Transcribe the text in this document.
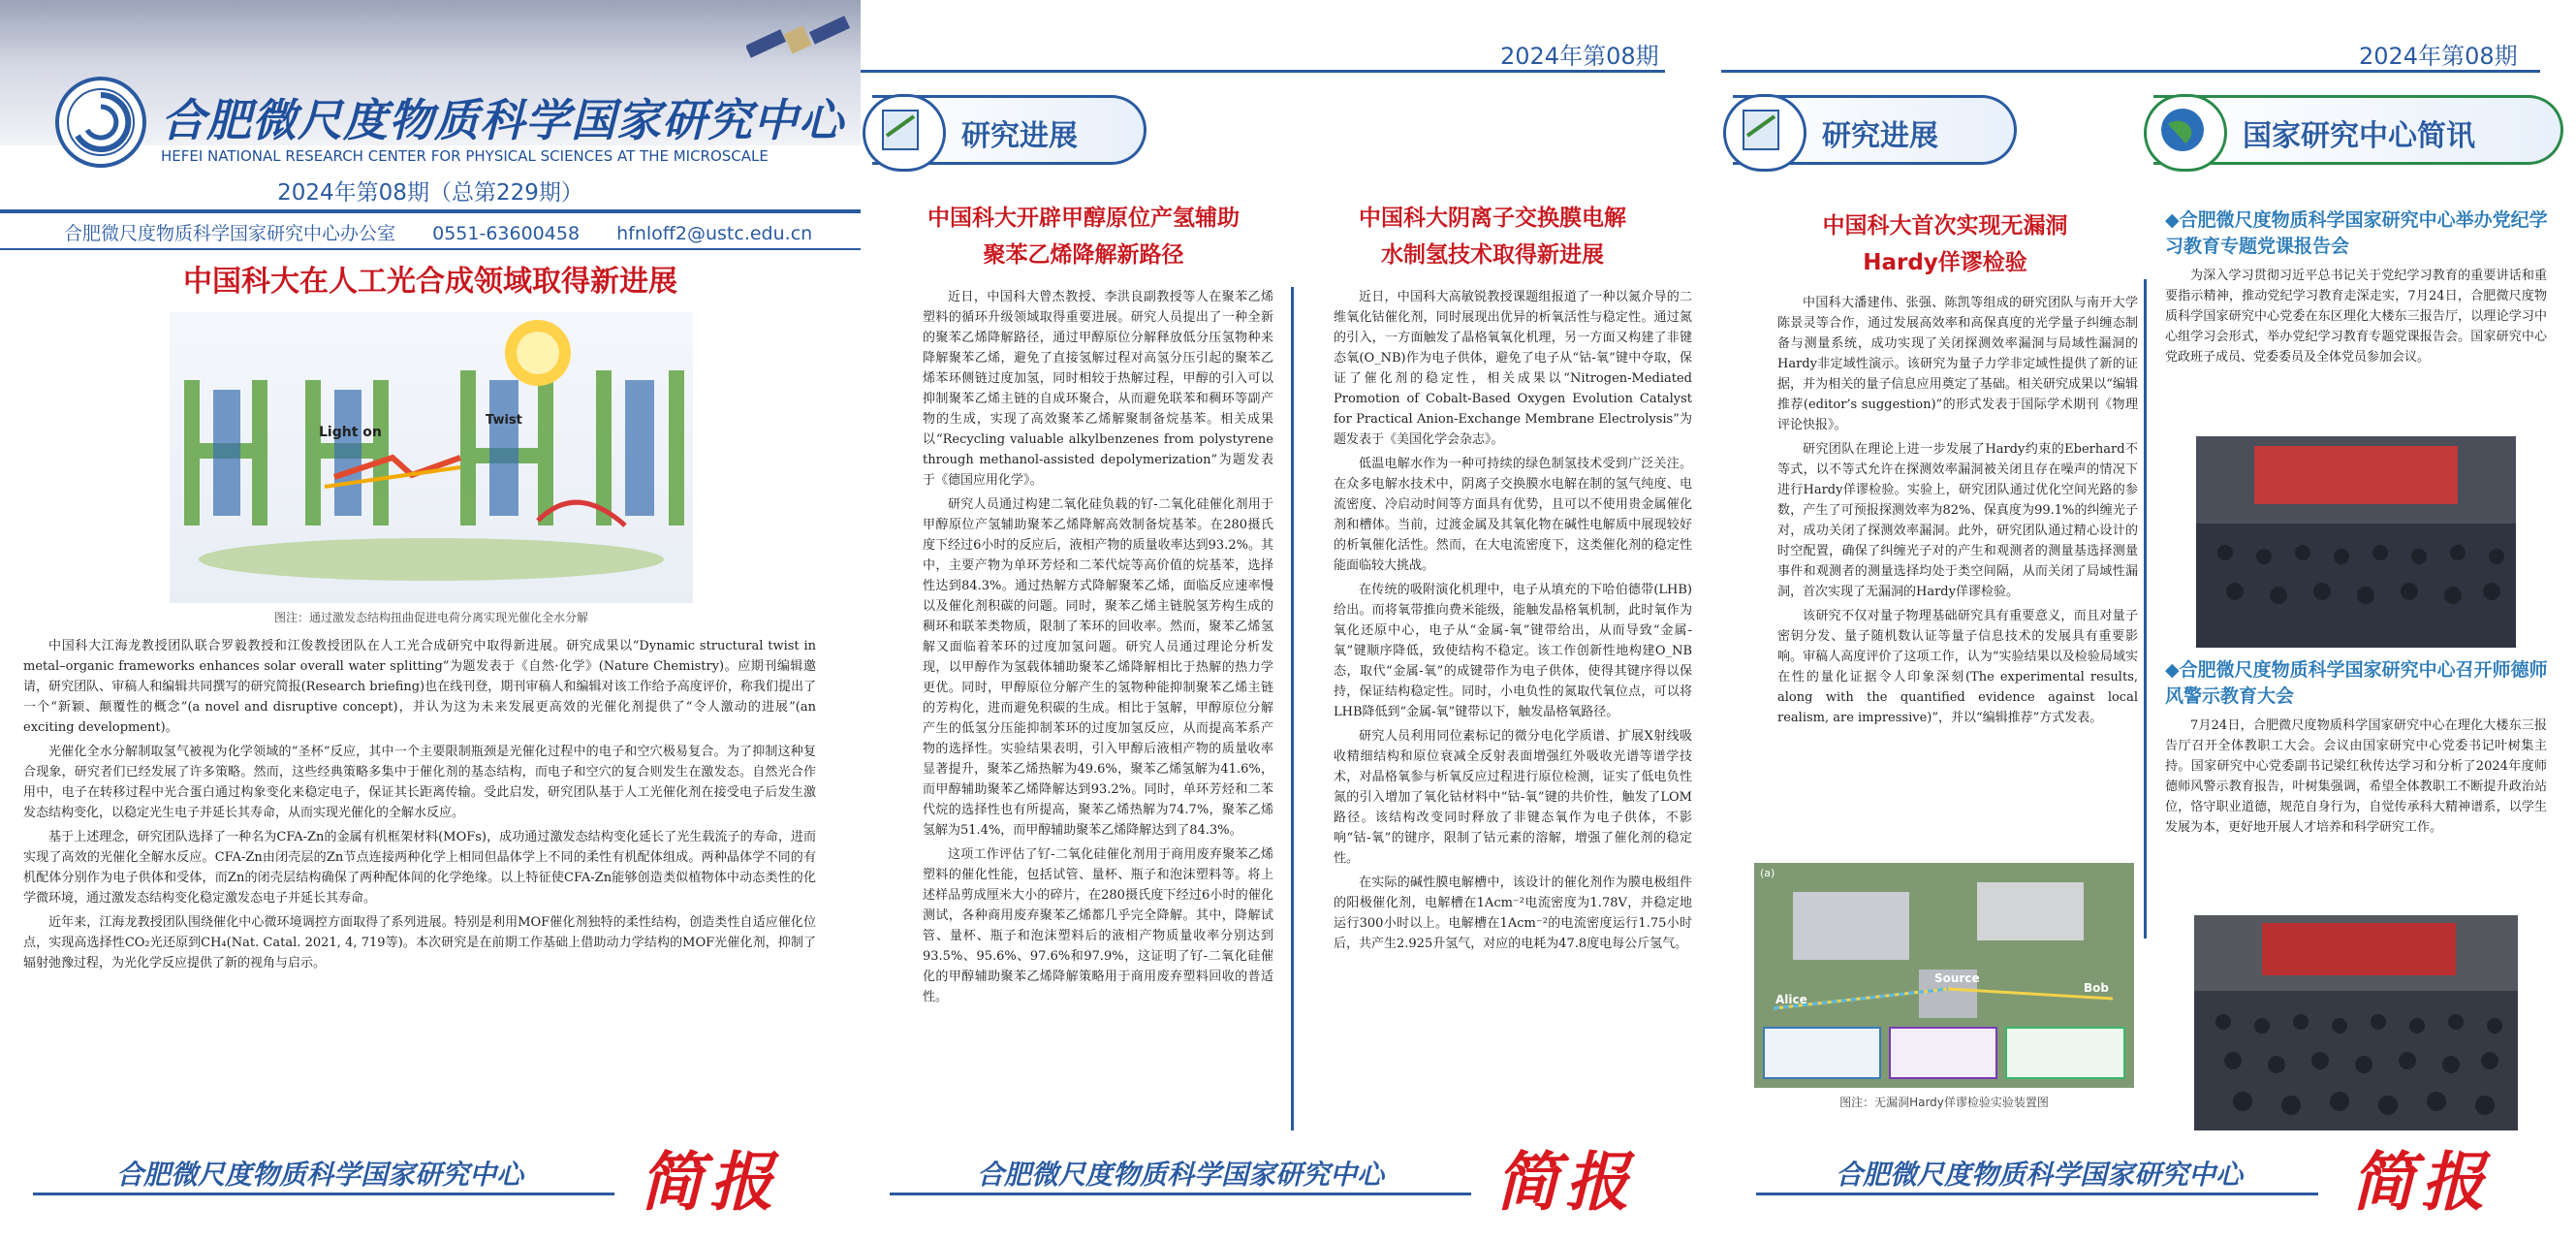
合肥微尺度物质科学国家研究中心
HEFEI NATIONAL RESEARCH CENTER FOR PHYSICAL SCIENCES AT THE MICROSCALE
2024年第08期（总第229期）
合肥微尺度物质科学国家研究中心办公室 0551-63600458 hfnloff2@ustc.edu.cn
中国科大在人工光合成领域取得新进展
Light on
Twist
图注：通过激发态结构扭曲促进电荷分离实现光催化全水分解

中国科大江海龙教授团队联合罗毅教授和江俊教授团队在人工光合成研究中取得新进展。研究成果以“Dynamic structural twist in metal–organic frameworks enhances solar overall water splitting”为题发表于《自然·化学》(Nature Chemistry)。应期刊编辑邀请，研究团队、审稿人和编辑共同撰写的研究简报(Research briefing)也在线刊登，期刊审稿人和编辑对该工作给予高度评价，称我们提出了一个“新颖、颠覆性的概念”(a novel and disruptive concept)，并认为这为未来发展更高效的光催化剂提供了“令人激动的进展”(an exciting development)。

光催化全水分解制取氢气被视为化学领域的“圣杯”反应，其中一个主要限制瓶颈是光催化过程中的电子和空穴极易复合。为了抑制这种复合现象，研究者们已经发展了许多策略。然而，这些经典策略多集中于催化剂的基态结构，而电子和空穴的复合则发生在激发态。自然光合作用中，电子在转移过程中光合蛋白通过构象变化来稳定电子，保证其长距离传输。受此启发，研究团队基于人工光催化剂在接受电子后发生激发态结构变化，以稳定光生电子并延长其寿命，从而实现光催化的全解水反应。

基于上述理念，研究团队选择了一种名为CFA-Zn的金属有机框架材料(MOFs)，成功通过激发态结构变化延长了光生载流子的寿命，进而实现了高效的光催化全解水反应。CFA-Zn由闭壳层的Zn节点连接两种化学上相同但晶体学上不同的柔性有机配体组成。两种晶体学不同的有机配体分别作为电子供体和受体，而Zn的闭壳层结构确保了两种配体间的化学绝缘。以上特征使CFA-Zn能够创造类似植物体中动态类性的化学微环境，通过激发态结构变化稳定激发态电子并延长其寿命。

近年来，江海龙教授团队围绕催化中心微环境调控方面取得了系列进展。特别是利用MOF催化剂独特的柔性结构，创造类性自适应催化位点，实现高选择性CO₂光还原到CH₄(Nat. Catal. 2021, 4, 719等)。本次研究是在前期工作基础上借助动力学结构的MOF光催化剂，抑制了辐射弛豫过程，为光化学反应提供了新的视角与启示。

合肥微尺度物质科学国家研究中心 简报
2024年第08期
研究进展
中国科大开辟甲醇原位产氢辅助
聚苯乙烯降解新路径

近日，中国科大曾杰教授、李洪良副教授等人在聚苯乙烯塑料的循环升级领域取得重要进展。研究人员提出了一种全新的聚苯乙烯降解路径，通过甲醇原位分解释放低分压氢物种来降解聚苯乙烯，避免了直接氢解过程对高氢分压引起的聚苯乙烯苯环侧链过度加氢，同时相较于热解过程，甲醇的引入可以抑制聚苯乙烯主链的自成环聚合，从而避免联苯和稠环等副产物的生成，实现了高效聚苯乙烯解聚制备烷基苯。相关成果以“Recycling valuable alkylbenzenes from polystyrene through methanol-assisted depolymerization”为题发表于《德国应用化学》。

研究人员通过构建二氧化硅负载的钌-二氧化硅催化剂用于甲醇原位产氢辅助聚苯乙烯降解高效制备烷基苯。在280摄氏度下经过6小时的反应后，液相产物的质量收率达到93.2%。其中，主要产物为单环芳烃和二苯代烷等高价值的烷基苯，选择性达到84.3%。通过热解方式降解聚苯乙烯，面临反应速率慢以及催化剂积碳的问题。同时，聚苯乙烯主链脱氢芳构生成的稠环和联苯类物质，限制了苯环的回收率。然而，聚苯乙烯氢解又面临着苯环的过度加氢问题。研究人员通过理论分析发现，以甲醇作为氢载体辅助聚苯乙烯降解相比于热解的热力学更优。同时，甲醇原位分解产生的氢物种能抑制聚苯乙烯主链的芳构化，进而避免积碳的生成。相比于氢解，甲醇原位分解产生的低氢分压能抑制苯环的过度加氢反应，从而提高苯系产物的选择性。实验结果表明，引入甲醇后液相产物的质量收率显著提升，聚苯乙烯热解为49.6%，聚苯乙烯氢解为41.6%，而甲醇辅助聚苯乙烯降解达到93.2%。同时，单环芳烃和二苯代烷的选择性也有所提高，聚苯乙烯热解为74.7%，聚苯乙烯氢解为51.4%，而甲醇辅助聚苯乙烯降解达到了84.3%。

这项工作评估了钌-二氧化硅催化剂用于商用废弃聚苯乙烯塑料的催化性能，包括试管、量杯、瓶子和泡沫塑料等。将上述样品剪成厘米大小的碎片，在280摄氏度下经过6小时的催化测试，各种商用废弃聚苯乙烯都几乎完全降解。其中，降解试管、量杯、瓶子和泡沫塑料后的液相产物质量收率分别达到93.5%、95.6%、97.6%和97.9%，这证明了钌-二氧化硅催化的甲醇辅助聚苯乙烯降解策略用于商用废弃塑料回收的普适性。

中国科大阴离子交换膜电解
水制氢技术取得新进展

近日，中国科大高敏锐教授课题组报道了一种以氮介导的二维氧化钴催化剂，同时展现出优异的析氧活性与稳定性。通过氮的引入，一方面触发了晶格氧氧化机理，另一方面又构建了非键态氧(O_NB)作为电子供体，避免了电子从“钴-氧”键中夺取，保证了催化剂的稳定性，相关成果以“Nitrogen-Mediated Promotion of Cobalt-Based Oxygen Evolution Catalyst for Practical Anion-Exchange Membrane Electrolysis”为题发表于《美国化学会杂志》。

低温电解水作为一种可持续的绿色制氢技术受到广泛关注。在众多电解水技术中，阴离子交换膜水电解在制的氢气纯度、电流密度、冷启动时间等方面具有优势，且可以不使用贵金属催化剂和槽体。当前，过渡金属及其氧化物在碱性电解质中展现较好的析氧催化活性。然而，在大电流密度下，这类催化剂的稳定性能面临较大挑战。

在传统的吸附演化机理中，电子从填充的下哈伯德带(LHB)给出。而将氧带推向费米能级，能触发晶格氧机制，此时氧作为氧化还原中心，电子从“金属-氧”键带给出，从而导致“金属-氧”键顺序降低，致使结构不稳定。该工作创新性地构建O_NB态，取代“金属-氧”的成键带作为电子供体，使得其键序得以保持，保证结构稳定性。同时，小电负性的氮取代氧位点，可以将LHB降低到“金属-氧”键带以下，触发晶格氧路径。

研究人员利用同位素标记的微分电化学质谱、扩展X射线吸收精细结构和原位衰减全反射表面增强红外吸收光谱等谱学技术，对晶格氧参与析氧反应过程进行原位检测，证实了低电负性氮的引入增加了氧化钴材料中“钴-氧”键的共价性，触发了LOM路径。该结构改变同时释放了非键态氧作为电子供体，不影响“钴-氧”的键序，限制了钴元素的溶解，增强了催化剂的稳定性。

在实际的碱性膜电解槽中，该设计的催化剂作为膜电极组件的阳极催化剂，电解槽在1Acm⁻²电流密度为1.78V，并稳定地运行300小时以上。电解槽在1Acm⁻²的电流密度运行1.75小时后，共产生2.925升氢气，对应的电耗为47.8度电每公斤氢气。

合肥微尺度物质科学国家研究中心 简报
2024年第08期
研究进展	国家研究中心简讯
中国科大首次实现无漏洞
Hardy佯谬检验

中国科大潘建伟、张强、陈凯等组成的研究团队与南开大学陈景灵等合作，通过发展高效率和高保真度的光学量子纠缠态制备与测量系统，成功实现了关闭探测效率漏洞与局域性漏洞的Hardy非定域性演示。该研究为量子力学非定域性提供了新的证据，并为相关的量子信息应用奠定了基础。相关研究成果以“编辑推荐(editor’s suggestion)”的形式发表于国际学术期刊《物理评论快报》。

研究团队在理论上进一步发展了Hardy约束的Eberhard不等式，以不等式允许在探测效率漏洞被关闭且存在噪声的情况下进行Hardy佯谬检验。实验上，研究团队通过优化空间光路的参数，产生了可预报探测效率为82%、保真度为99.1%的纠缠光子对，成功关闭了探测效率漏洞。此外，研究团队通过精心设计的时空配置，确保了纠缠光子对的产生和观测者的测量基选择测量事件和观测者的测量选择均处于类空间隔，从而关闭了局域性漏洞，首次实现了无漏洞的Hardy佯谬检验。

该研究不仅对量子物理基础研究具有重要意义，而且对量子密钥分发、量子随机数认证等量子信息技术的发展具有重要影响。审稿人高度评价了这项工作，认为“实验结果以及检验局域实在性的量化证据令人印象深刻(The experimental results, along with the quantified evidence against local realism, are impressive)”，并以“编辑推荐”方式发表。

(a)
Alice
Source
Bob
图注：无漏洞Hardy佯谬检验实验装置图
◆合肥微尺度物质科学国家研究中心举办党纪学习教育专题党课报告会

为深入学习贯彻习近平总书记关于党纪学习教育的重要讲话和重要指示精神，推动党纪学习教育走深走实，7月24日，合肥微尺度物质科学国家研究中心党委在东区理化大楼东三报告厅，以理论学习中心组学习会形式，举办党纪学习教育专题党课报告会。国家研究中心党政班子成员、党委委员及全体党员参加会议。

◆合肥微尺度物质科学国家研究中心召开师德师风警示教育大会

7月24日，合肥微尺度物质科学国家研究中心在理化大楼东三报告厅召开全体教职工大会。会议由国家研究中心党委书记叶树集主持。国家研究中心党委副书记梁红秋传达学习和分析了2024年度师德师风警示教育报告，叶树集强调，希望全体教职工不断提升政治站位，恪守职业道德，规范自身行为，自觉传承科大精神谱系，以学生发展为本，更好地开展人才培养和科学研究工作。

合肥微尺度物质科学国家研究中心 简报
